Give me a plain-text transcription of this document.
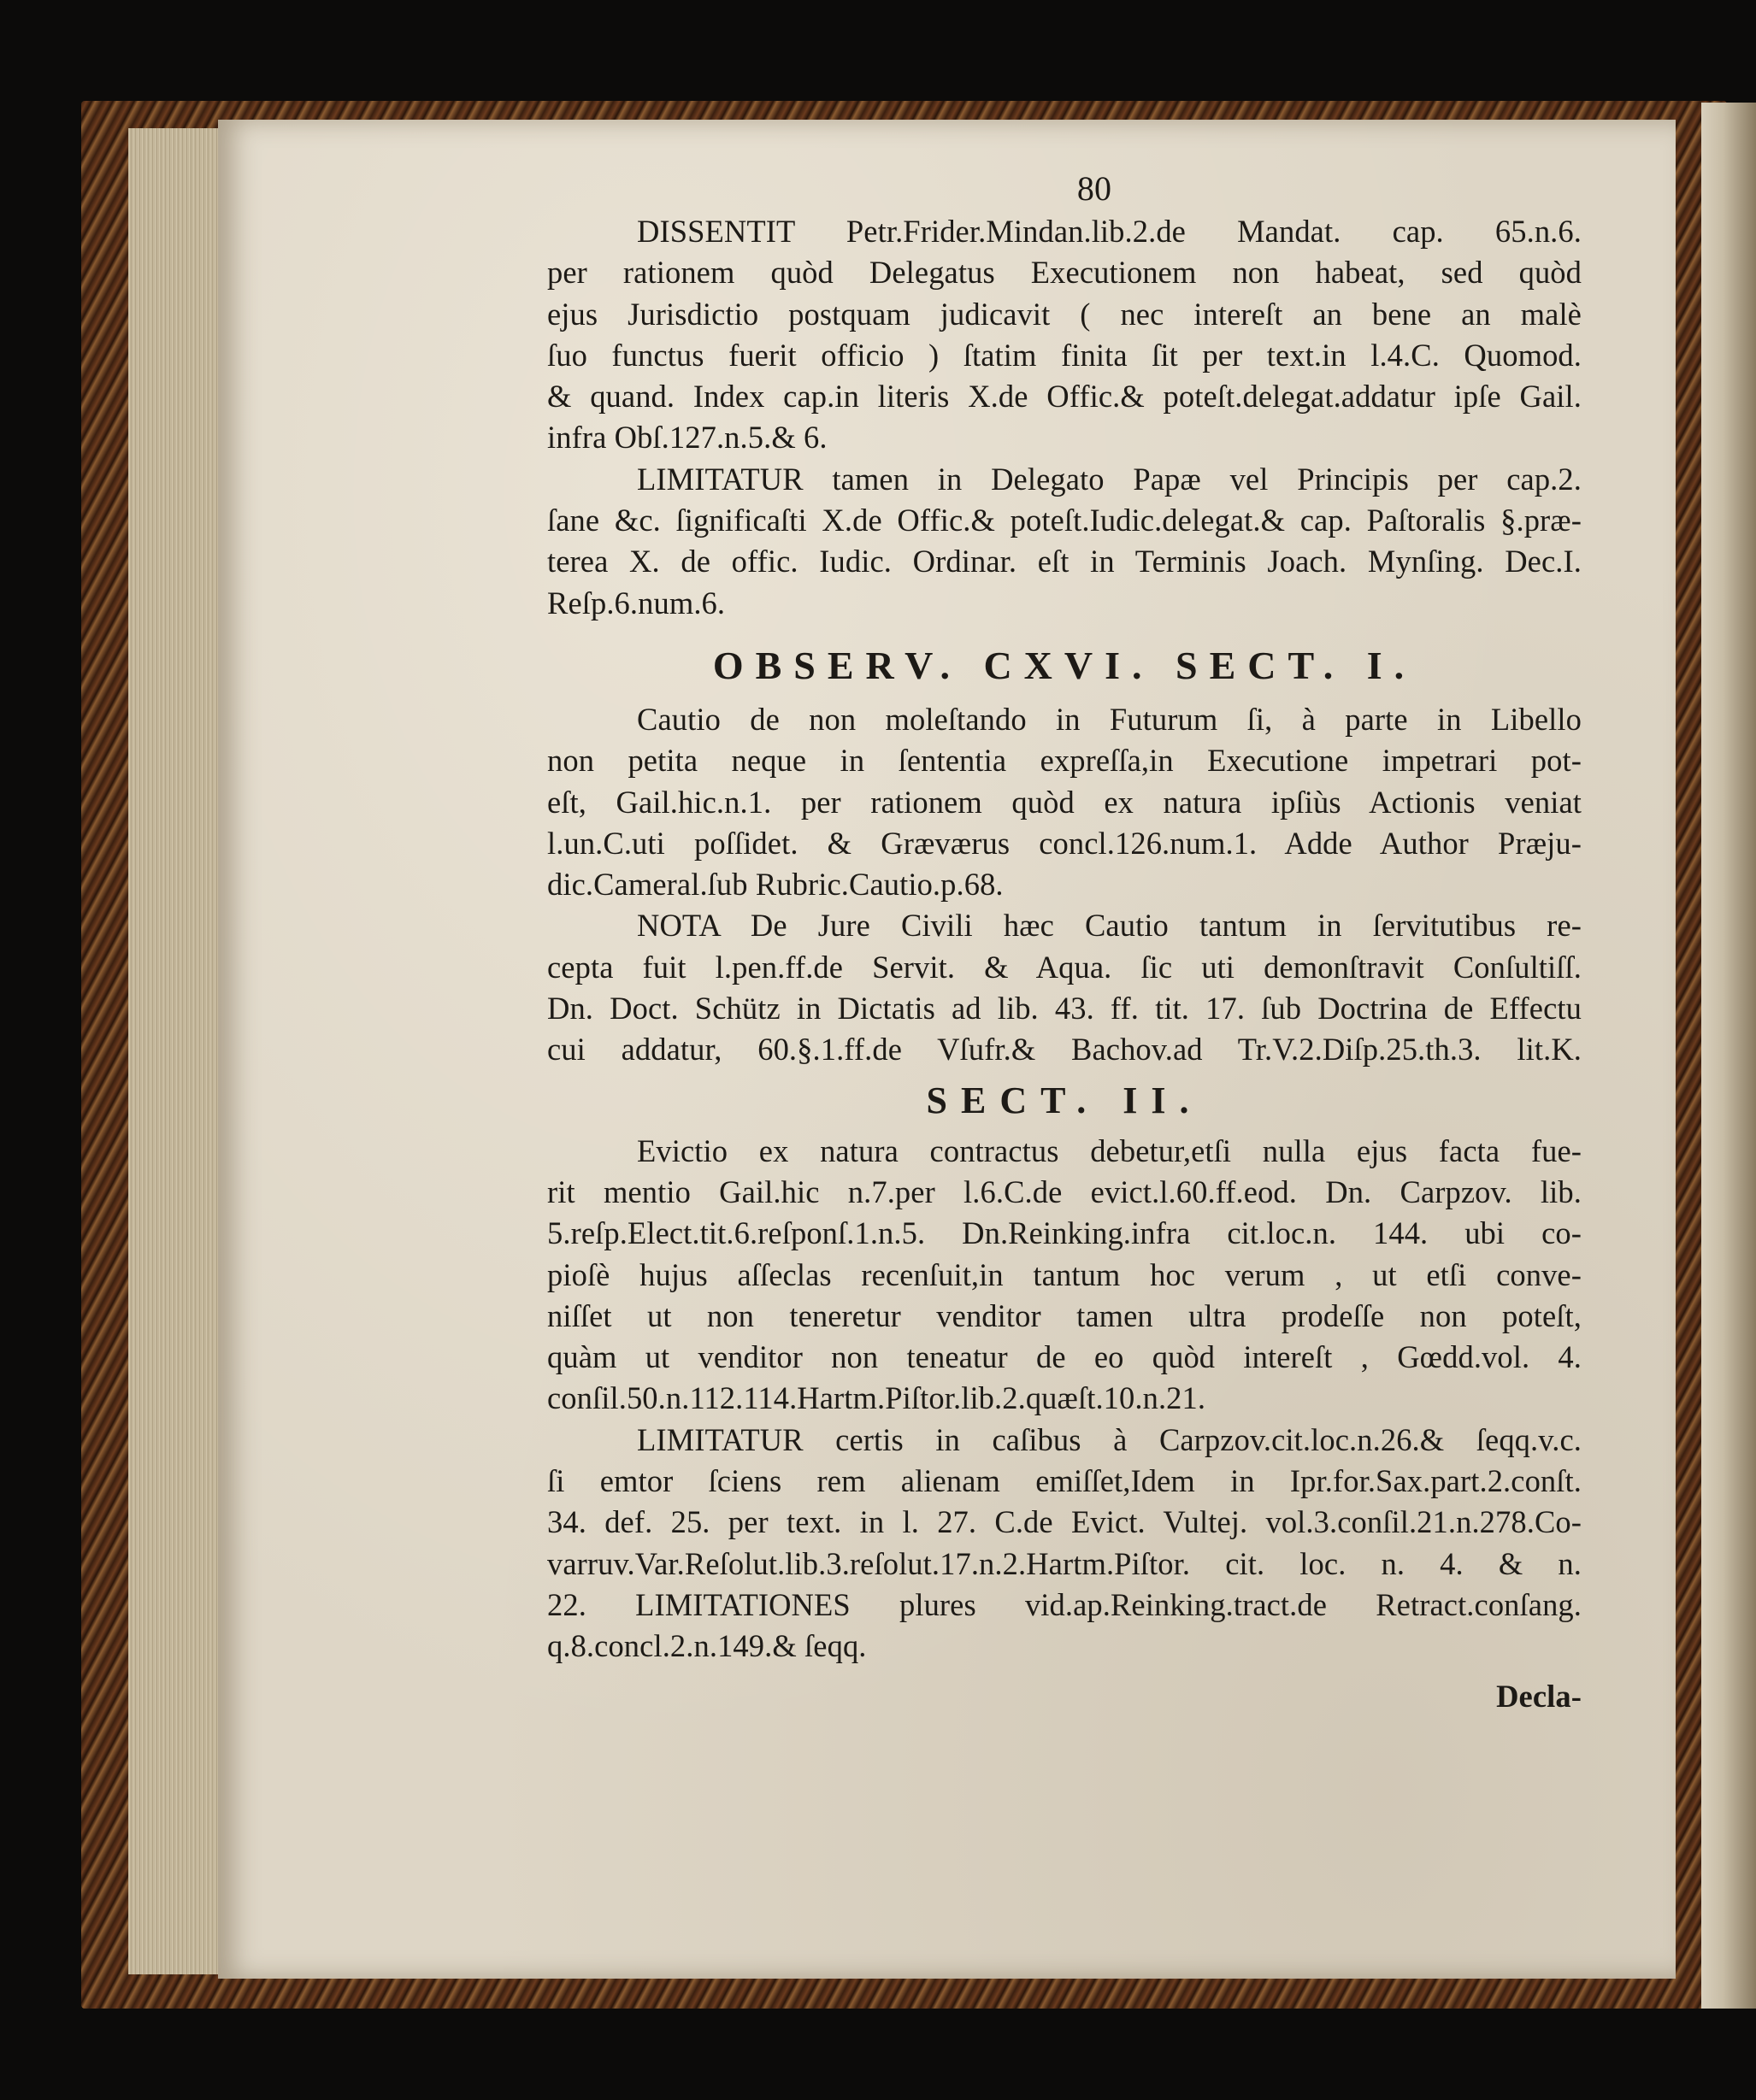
80
DISSENTIT Petr.Frider.Mindan.lib.2.de Mandat. cap. 65.n.6.
per rationem quòd Delegatus Executionem non habeat, sed quòd
ejus Jurisdictio postquam judicavit ( nec intereſt an bene an malè
ſuo functus fuerit officio ) ſtatim finita ſit per text.in l.4.C. Quomod.
& quand. Index cap.in literis X.de Offic.& poteſt.delegat.addatur ipſe Gail.
infra Obſ.127.n.5.& 6.
LIMITATUR tamen in Delegato Papæ vel Principis per cap.2.
ſane &c. ſignificaſti X.de Offic.& poteſt.Iudic.delegat.& cap. Paſtoralis §.præ-
terea X. de offic. Iudic. Ordinar. eſt in Terminis Joach. Mynſing. Dec.I.
Reſp.6.num.6.
OBSERV. CXVI. SECT. I.
Cautio de non moleſtando in Futurum ſi, à parte in Libello
non petita neque in ſententia expreſſa,in Executione impetrari pot-
eſt, Gail.hic.n.1. per rationem quòd ex natura ipſiùs Actionis veniat
l.un.C.uti poſſidet. & Græværus concl.126.num.1. Adde Author Præju-
dic.Cameral.ſub Rubric.Cautio.p.68.
NOTA De Jure Civili hæc Cautio tantum in ſervitutibus re-
cepta fuit l.pen.ff.de Servit. & Aqua. ſic uti demonſtravit Conſultiſſ.
Dn. Doct. Schütz in Dictatis ad lib. 43. ff. tit. 17. ſub Doctrina de Effectu
cui addatur, 60.§.1.ff.de Vſufr.& Bachov.ad Tr.V.2.Diſp.25.th.3. lit.K.
SECT. II.
Evictio ex natura contractus debetur,etſi nulla ejus facta fue-
rit mentio Gail.hic n.7.per l.6.C.de evict.l.60.ff.eod. Dn. Carpzov. lib.
5.reſp.Elect.tit.6.reſponſ.1.n.5. Dn.Reinking.infra cit.loc.n. 144. ubi co-
pioſè hujus aſſeclas recenſuit,in tantum hoc verum , ut etſi conve-
niſſet ut non teneretur venditor tamen ultra prodeſſe non poteſt,
quàm ut venditor non teneatur de eo quòd intereſt , Gœdd.vol. 4.
conſil.50.n.112.114.Hartm.Piſtor.lib.2.quæſt.10.n.21.
LIMITATUR certis in caſibus à Carpzov.cit.loc.n.26.& ſeqq.v.c.
ſi emtor ſciens rem alienam emiſſet,Idem in Ipr.for.Sax.part.2.conſt.
34. def. 25. per text. in l. 27. C.de Evict. Vultej. vol.3.conſil.21.n.278.Co-
varruv.Var.Reſolut.lib.3.reſolut.17.n.2.Hartm.Piſtor. cit. loc. n. 4. & n.
22. LIMITATIONES plures vid.ap.Reinking.tract.de Retract.conſang.
q.8.concl.2.n.149.& ſeqq.
Decla-
